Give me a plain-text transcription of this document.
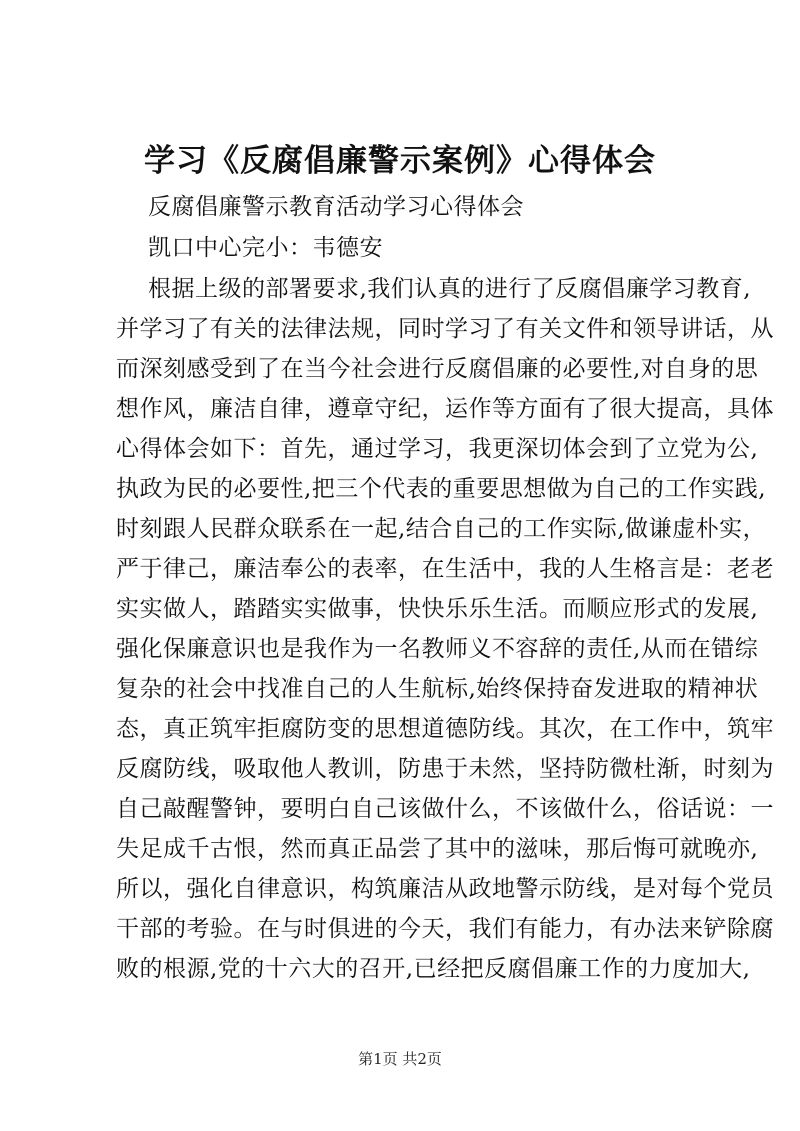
学习《反腐倡廉警示案例》心得体会
反腐倡廉警示教育活动学习心得体会
凯口中心完小：韦德安
根据上级的部署要求,我们认真的进行了反腐倡廉学习教育,
并学习了有关的法律法规，同时学习了有关文件和领导讲话，从
而深刻感受到了在当今社会进行反腐倡廉的必要性,对自身的思
想作风，廉洁自律，遵章守纪，运作等方面有了很大提高，具体
心得体会如下：首先，通过学习，我更深切体会到了立党为公,
执政为民的必要性,把三个代表的重要思想做为自己的工作实践,
时刻跟人民群众联系在一起,结合自己的工作实际,做谦虚朴实，
严于律己，廉洁奉公的表率，在生活中，我的人生格言是：老老
实实做人，踏踏实实做事，快快乐乐生活。而顺应形式的发展,
强化保廉意识也是我作为一名教师义不容辞的责任,从而在错综
复杂的社会中找准自己的人生航标,始终保持奋发进取的精神状
态，真正筑牢拒腐防变的思想道德防线。其次，在工作中，筑牢
反腐防线，吸取他人教训，防患于未然，坚持防微杜渐，时刻为
自己敲醒警钟，要明白自己该做什么，不该做什么，俗话说：一
失足成千古恨，然而真正品尝了其中的滋味，那后悔可就晚亦,
所以，强化自律意识，构筑廉洁从政地警示防线，是对每个党员
干部的考验。在与时俱进的今天，我们有能力，有办法来铲除腐
败的根源,党的十六大的召开,已经把反腐倡廉工作的力度加大,
第1页 共2页
